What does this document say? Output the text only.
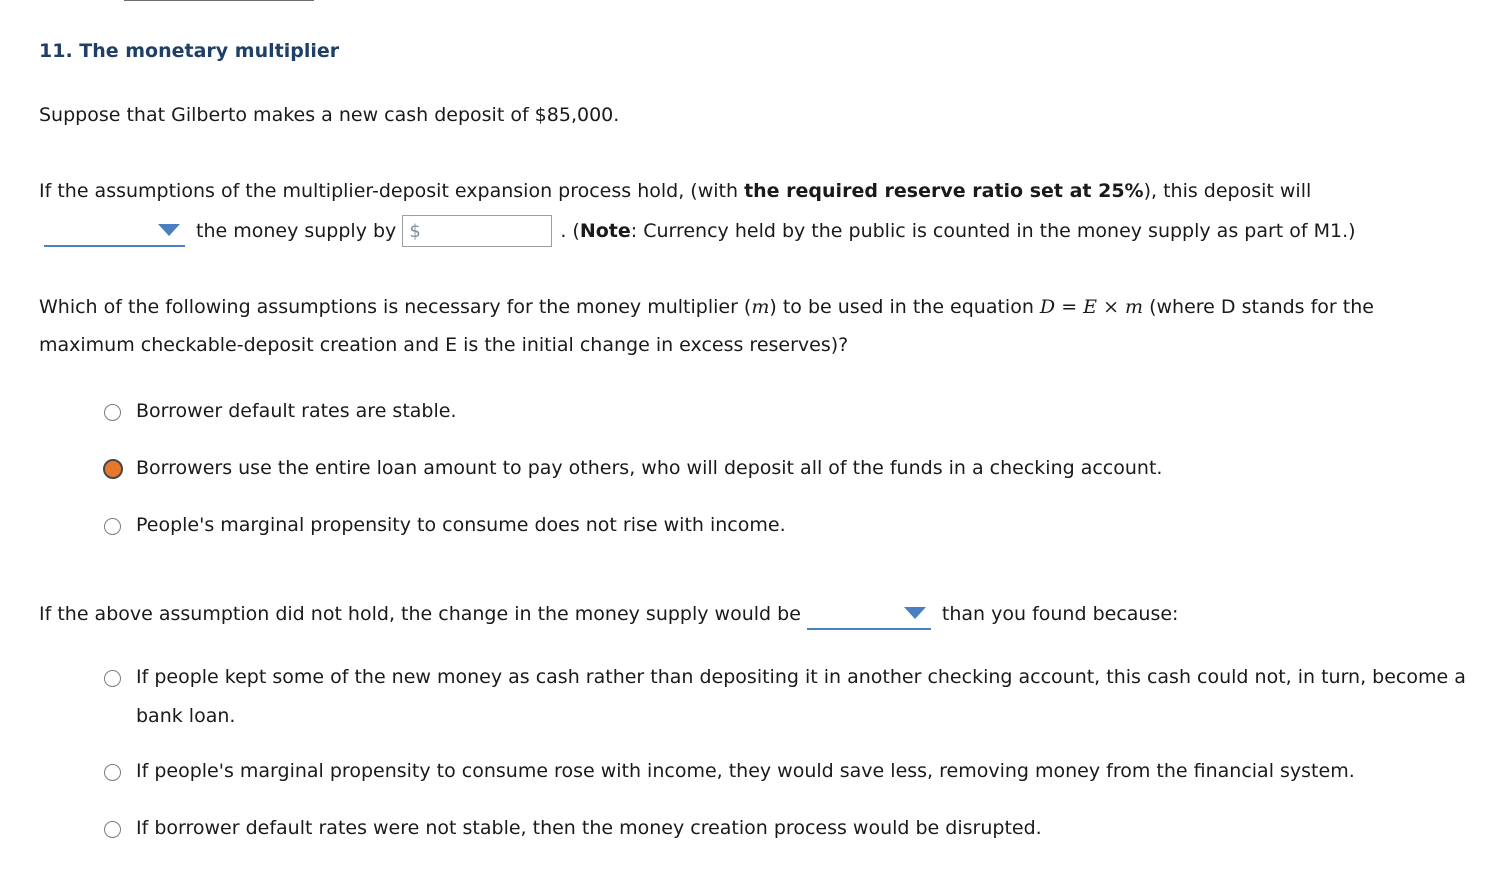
11. The monetary multiplier

Suppose that Gilberto makes a new cash deposit of $85,000.

If the assumptions of the multiplier-deposit expansion process hold, (with the required reserve ratio set at 25%), this deposit will

the money supply by $	. ( Note : Currency held by the public is counted in the money supply as part of M1.)

Which of the following assumptions is necessary for the money multiplier (m) to be used in the equation D = E × m (where D stands for the

maximum checkable-deposit creation and E is the initial change in excess reserves)?

Borrower default rates are stable.
Borrowers use the entire loan amount to pay others, who will deposit all of the funds in a checking account.
People's marginal propensity to consume does not rise with income.
If the above assumption did not hold, the change in the money supply would be	than you found because:
If people kept some of the new money as cash rather than depositing it in another checking account, this cash could not, in turn, become a bank loan.
If people's marginal propensity to consume rose with income, they would save less, removing money from the financial system.
If borrower default rates were not stable, then the money creation process would be disrupted.
